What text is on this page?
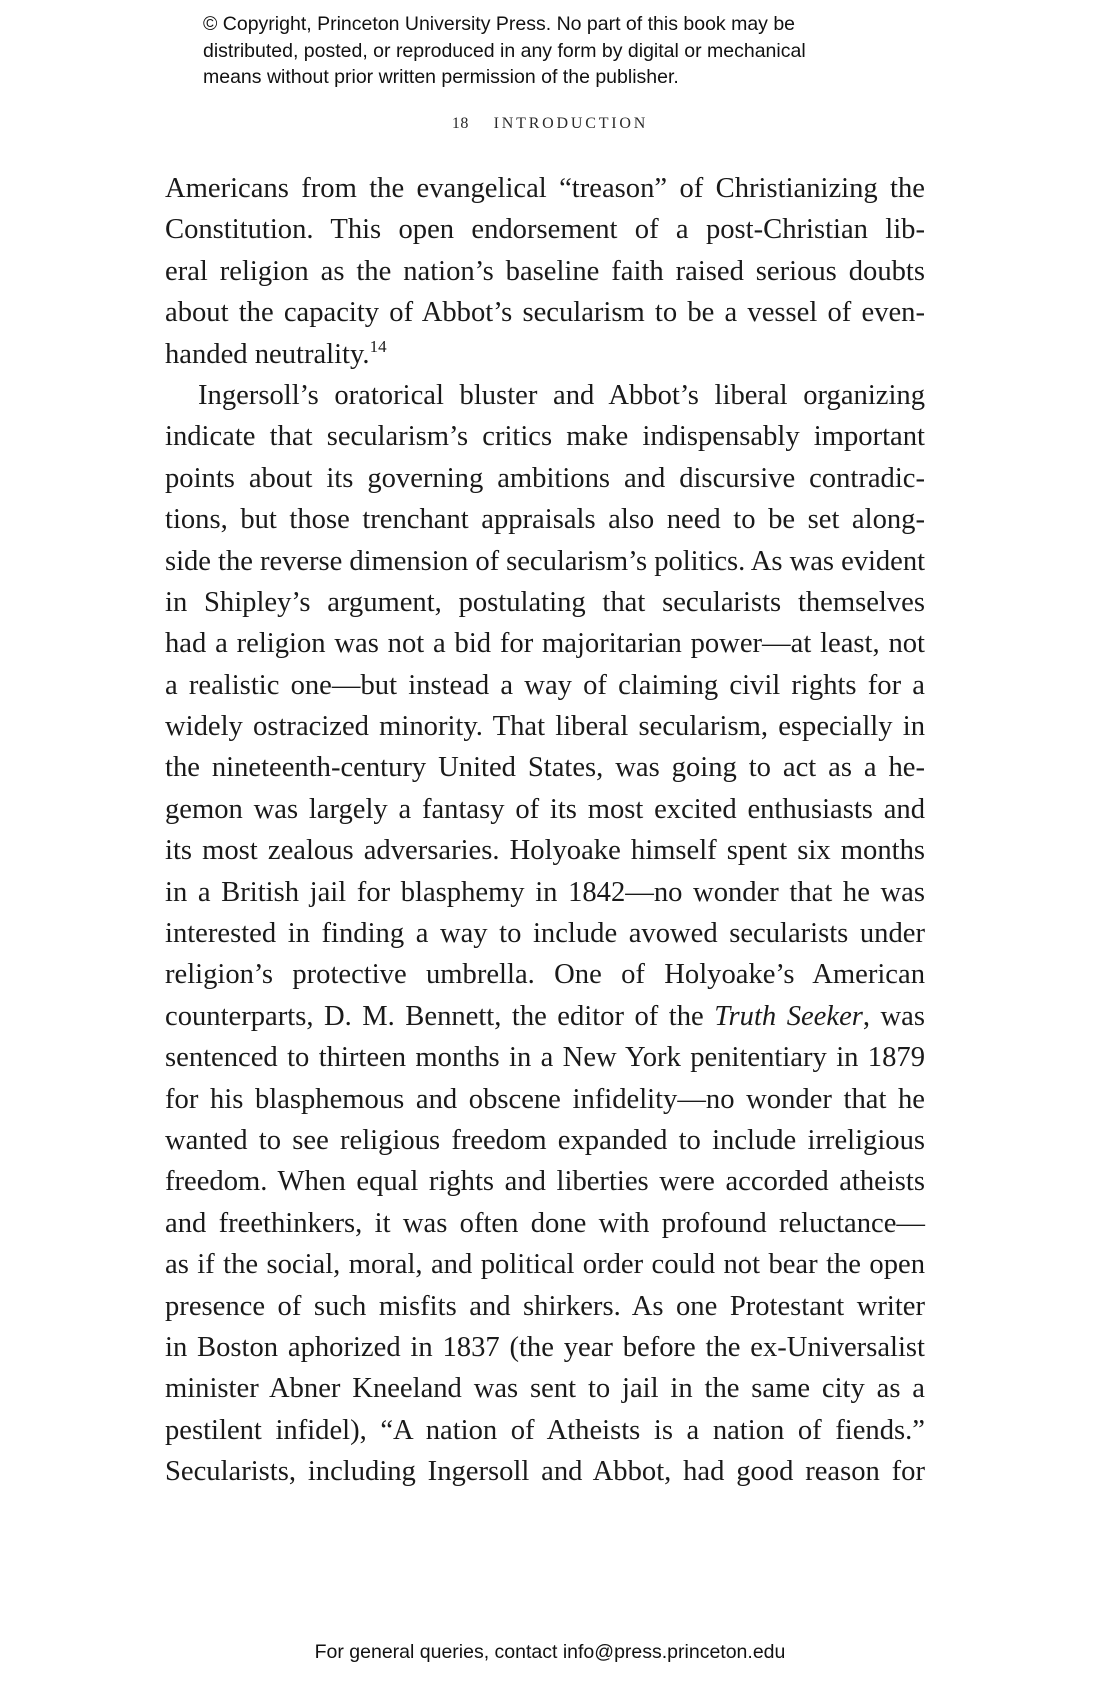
© Copyright, Princeton University Press. No part of this book may be
distributed, posted, or reproduced in any form by digital or mechanical
means without prior written permission of the publisher.
18 INTRODUCTION
Americans from the evangelical “treason” of Christianizing the
Constitution. This open endorsement of a post-Christian lib-
eral religion as the nation’s baseline faith raised serious doubts
about the capacity of Abbot’s secularism to be a vessel of even-
handed neutrality.$^{14}$
Ingersoll’s oratorical bluster and Abbot’s liberal organizing
indicate that secularism’s critics make indispensably important
points about its governing ambitions and discursive contradic-
tions, but those trenchant appraisals also need to be set along-
side the reverse dimension of secularism’s politics. As was evident
in Shipley’s argument, postulating that secularists themselves
had a religion was not a bid for majoritarian power—at least, not
a realistic one—but instead a way of claiming civil rights for a
widely ostracized minority. That liberal secularism, especially in
the nineteenth-century United States, was going to act as a he-
gemon was largely a fantasy of its most excited enthusiasts and
its most zealous adversaries. Holyoake himself spent six months
in a British jail for blasphemy in 1842—no wonder that he was
interested in finding a way to include avowed secularists under
religion’s protective umbrella. One of Holyoake’s American
counterparts, D. M. Bennett, the editor of the Truth Seeker, was
sentenced to thirteen months in a New York penitentiary in 1879
for his blasphemous and obscene infidelity—no wonder that he
wanted to see religious freedom expanded to include irreligious
freedom. When equal rights and liberties were accorded atheists
and freethinkers, it was often done with profound reluctance—
as if the social, moral, and political order could not bear the open
presence of such misfits and shirkers. As one Protestant writer
in Boston aphorized in 1837 (the year before the ex-Universalist
minister Abner Kneeland was sent to jail in the same city as a
pestilent infidel), “A nation of Atheists is a nation of fiends.”
Secularists, including Ingersoll and Abbot, had good reason for
For general queries, contact info@press.princeton.edu
